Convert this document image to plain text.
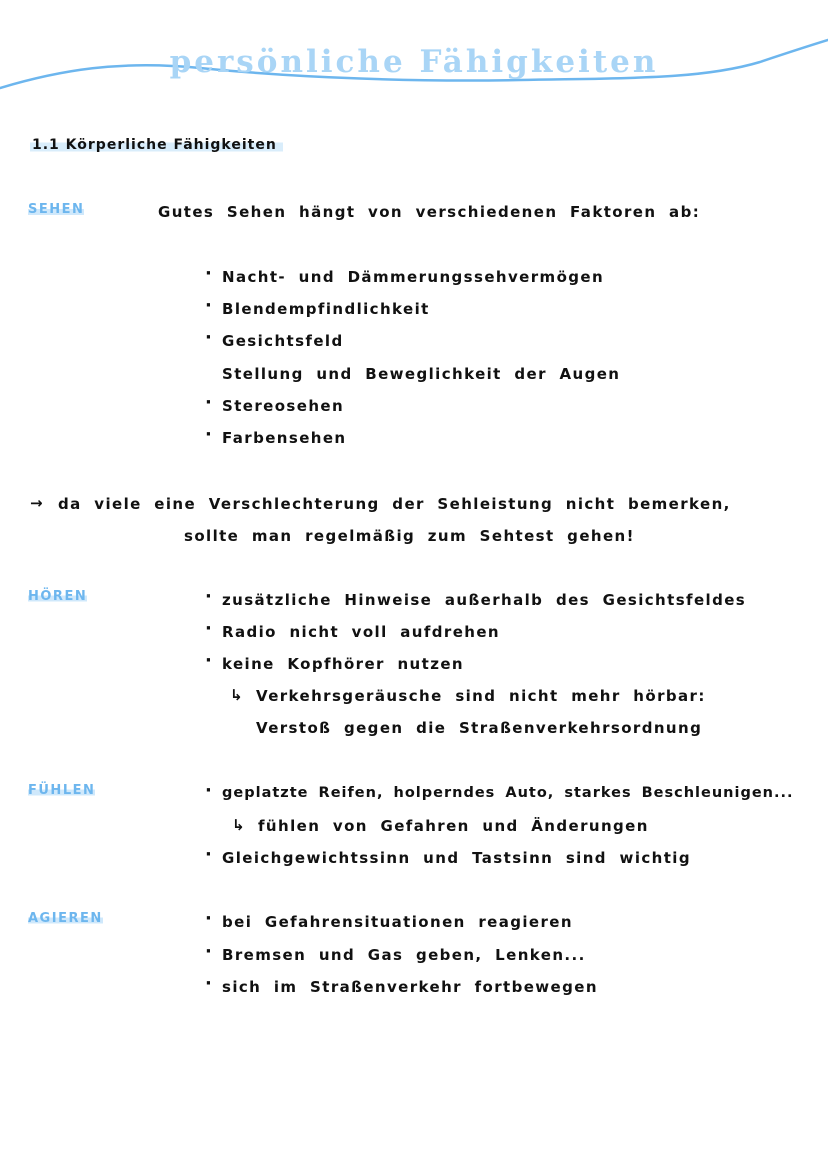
persönliche Fähigkeiten
1.1 Körperliche Fähigkeiten
SEHEN	Gutes Sehen hängt von verschiedenen Faktoren ab:
· Nacht- und Dämmerungssehvermögen
· Blendempfindlichkeit
· Gesichtsfeld
Stellung und Beweglichkeit der Augen
· Stereosehen
· Farbensehen
→ da viele eine Verschlechterung der Sehleistung nicht bemerken,
sollte man regelmäßig zum Sehtest gehen!
HÖREN	· zusätzliche Hinweise außerhalb des Gesichtsfeldes
· Radio nicht voll aufdrehen
· keine Kopfhörer nutzen
↳ Verkehrsgeräusche sind nicht mehr hörbar:
Verstoß gegen die Straßenverkehrsordnung
FÜHLEN	· geplatzte Reifen, holperndes Auto, starkes Beschleunigen...
↳ fühlen von Gefahren und Änderungen
· Gleichgewichtssinn und Tastsinn sind wichtig
AGIEREN	· bei Gefahrensituationen reagieren
· Bremsen und Gas geben, Lenken...
· sich im Straßenverkehr fortbewegen
